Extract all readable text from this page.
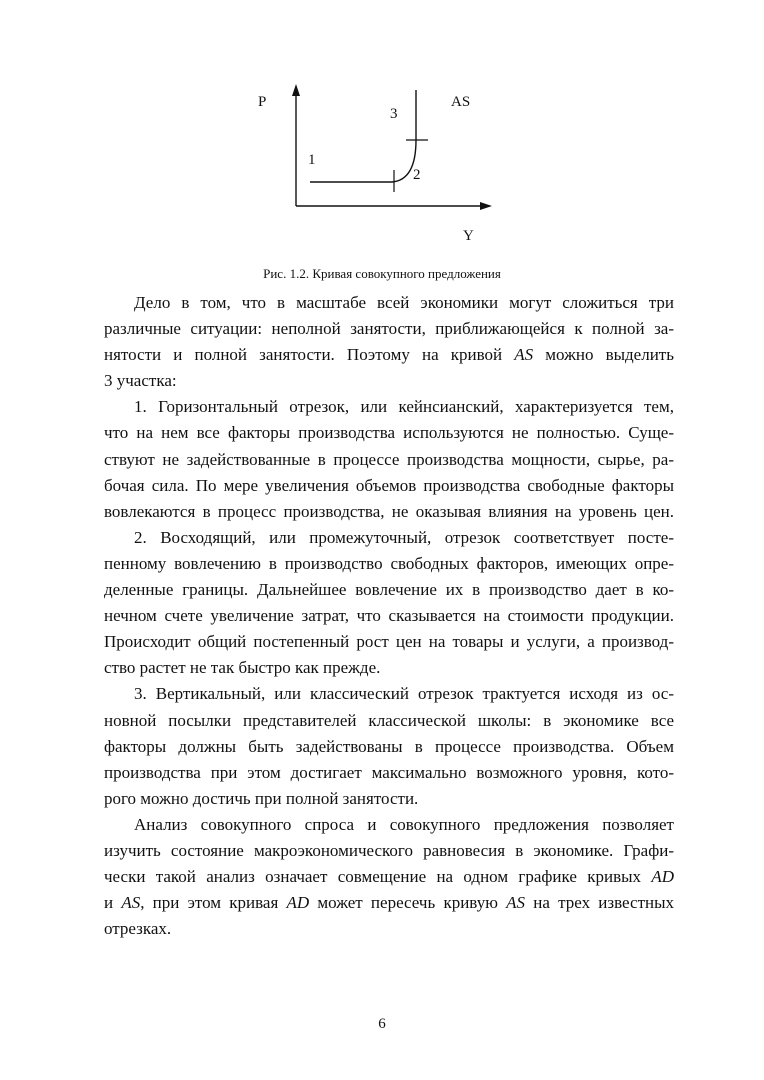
P	AS
3
1
2
Y
Рис. 1.2. Кривая совокупного предложения

Дело в том, что в масштабе всей экономики могут сложиться три

различные ситуации: неполной занятости, приближающейся к полной за-

нятости и полной занятости. Поэтому на кривой AS можно выделить

3 участка:

1. Горизонтальный отрезок, или кейнсианский, характеризуется тем,

что на нем все факторы производства используются не полностью. Суще-

ствуют не задействованные в процессе производства мощности, сырье, ра-

бочая сила. По мере увеличения объемов производства свободные факторы

вовлекаются в процесс производства, не оказывая влияния на уровень цен.

2. Восходящий, или промежуточный, отрезок соответствует посте-

пенному вовлечению в производство свободных факторов, имеющих опре-

деленные границы. Дальнейшее вовлечение их в производство дает в ко-

нечном счете увеличение затрат, что сказывается на стоимости продукции.

Происходит общий постепенный рост цен на товары и услуги, а производ-

ство растет не так быстро как прежде.

3. Вертикальный, или классический отрезок трактуется исходя из ос-

новной посылки представителей классической школы: в экономике все

факторы должны быть задействованы в процессе производства. Объем

производства при этом достигает максимально возможного уровня, кото-

рого можно достичь при полной занятости.

Анализ совокупного спроса и совокупного предложения позволяет

изучить состояние макроэкономического равновесия в экономике. Графи-

чески такой анализ означает совмещение на одном графике кривых AD

и AS, при этом кривая AD может пересечь кривую AS на трех известных

отрезках.

6
